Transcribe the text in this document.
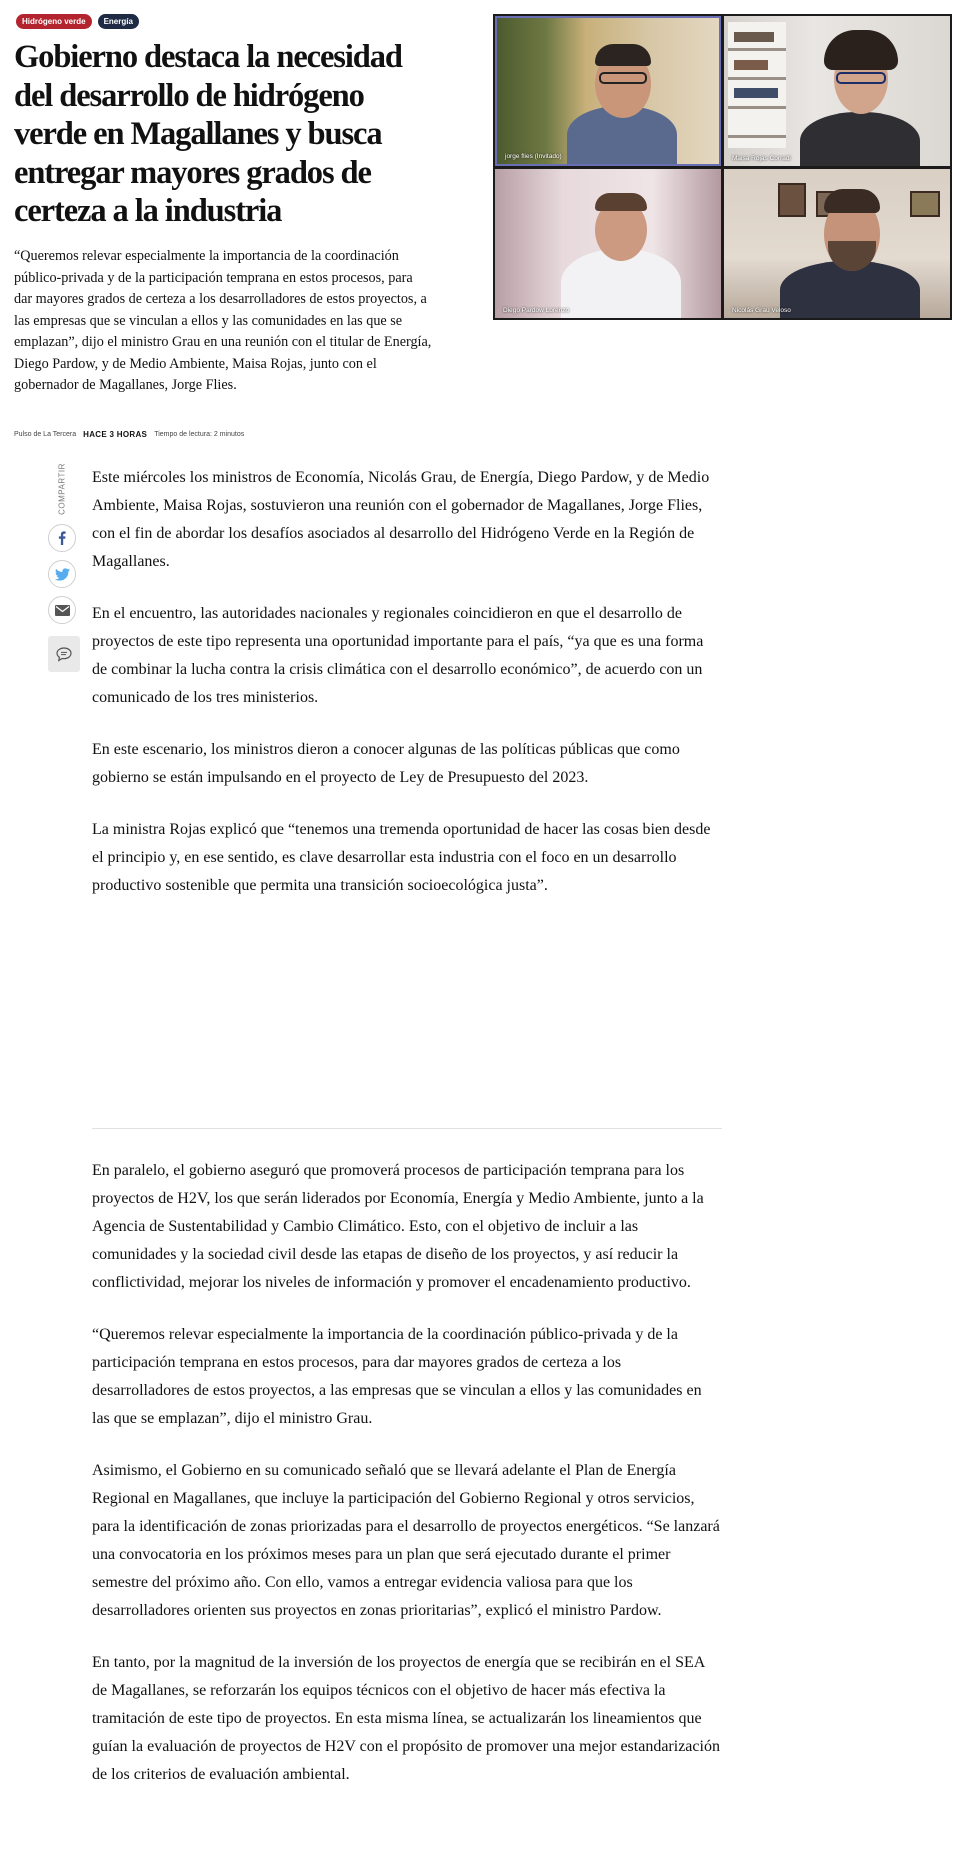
Hidrógeno verde	Energía
Gobierno destaca la necesidad del desarrollo de hidrógeno verde en Magallanes y busca entregar mayores grados de certeza a la industria

“Queremos relevar especialmente la importancia de la coordinación público-privada y de la participación temprana en estos procesos, para dar mayores grados de certeza a los desarrolladores de estos proyectos, a las empresas que se vinculan a ellos y las comunidades en las que se emplazan”, dijo el ministro Grau en una reunión con el titular de Energía, Diego Pardow, y de Medio Ambiente, Maisa Rojas, junto con el gobernador de Magallanes, Jorge Flies.

Pulso de La Tercera HACE 3 HORAS Tiempo de lectura: 2 minutos
jorge flies (Invitado)	Maisa Rojas Corradi
Diego Pardow Lorenzo	Nicolás Grau Veloso
COMPARTIR Este miércoles los ministros de Economía, Nicolás Grau, de Energía, Diego Pardow, y de Medio Ambiente, Maisa Rojas, sostuvieron una reunión con el gobernador de Magallanes, Jorge Flies, con el fin de abordar los desafíos asociados al desarrollo del Hidrógeno Verde en la Región de Magallanes.

En el encuentro, las autoridades nacionales y regionales coincidieron en que el desarrollo de proyectos de este tipo representa una oportunidad importante para el país, “ya que es una forma de combinar la lucha contra la crisis climática con el desarrollo económico”, de acuerdo con un comunicado de los tres ministerios.

En este escenario, los ministros dieron a conocer algunas de las políticas públicas que como gobierno se están impulsando en el proyecto de Ley de Presupuesto del 2023.

La ministra Rojas explicó que “tenemos una tremenda oportunidad de hacer las cosas bien desde el principio y, en ese sentido, es clave desarrollar esta industria con el foco en un desarrollo productivo sostenible que permita una transición socioecológica justa”.

En paralelo, el gobierno aseguró que promoverá procesos de participación temprana para los proyectos de H2V, los que serán liderados por Economía, Energía y Medio Ambiente, junto a la Agencia de Sustentabilidad y Cambio Climático. Esto, con el objetivo de incluir a las comunidades y la sociedad civil desde las etapas de diseño de los proyectos, y así reducir la conflictividad, mejorar los niveles de información y promover el encadenamiento productivo.

“Queremos relevar especialmente la importancia de la coordinación público-privada y de la participación temprana en estos procesos, para dar mayores grados de certeza a los desarrolladores de estos proyectos, a las empresas que se vinculan a ellos y las comunidades en las que se emplazan”, dijo el ministro Grau.

Asimismo, el Gobierno en su comunicado señaló que se llevará adelante el Plan de Energía Regional en Magallanes, que incluye la participación del Gobierno Regional y otros servicios, para la identificación de zonas priorizadas para el desarrollo de proyectos energéticos. “Se lanzará una convocatoria en los próximos meses para un plan que será ejecutado durante el primer semestre del próximo año. Con ello, vamos a entregar evidencia valiosa para que los desarrolladores orienten sus proyectos en zonas prioritarias”, explicó el ministro Pardow.

En tanto, por la magnitud de la inversión de los proyectos de energía que se recibirán en el SEA de Magallanes, se reforzarán los equipos técnicos con el objetivo de hacer más efectiva la tramitación de este tipo de proyectos. En esta misma línea, se actualizarán los lineamientos que guían la evaluación de proyectos de H2V con el propósito de promover una mejor estandarización de los criterios de evaluación ambiental.
